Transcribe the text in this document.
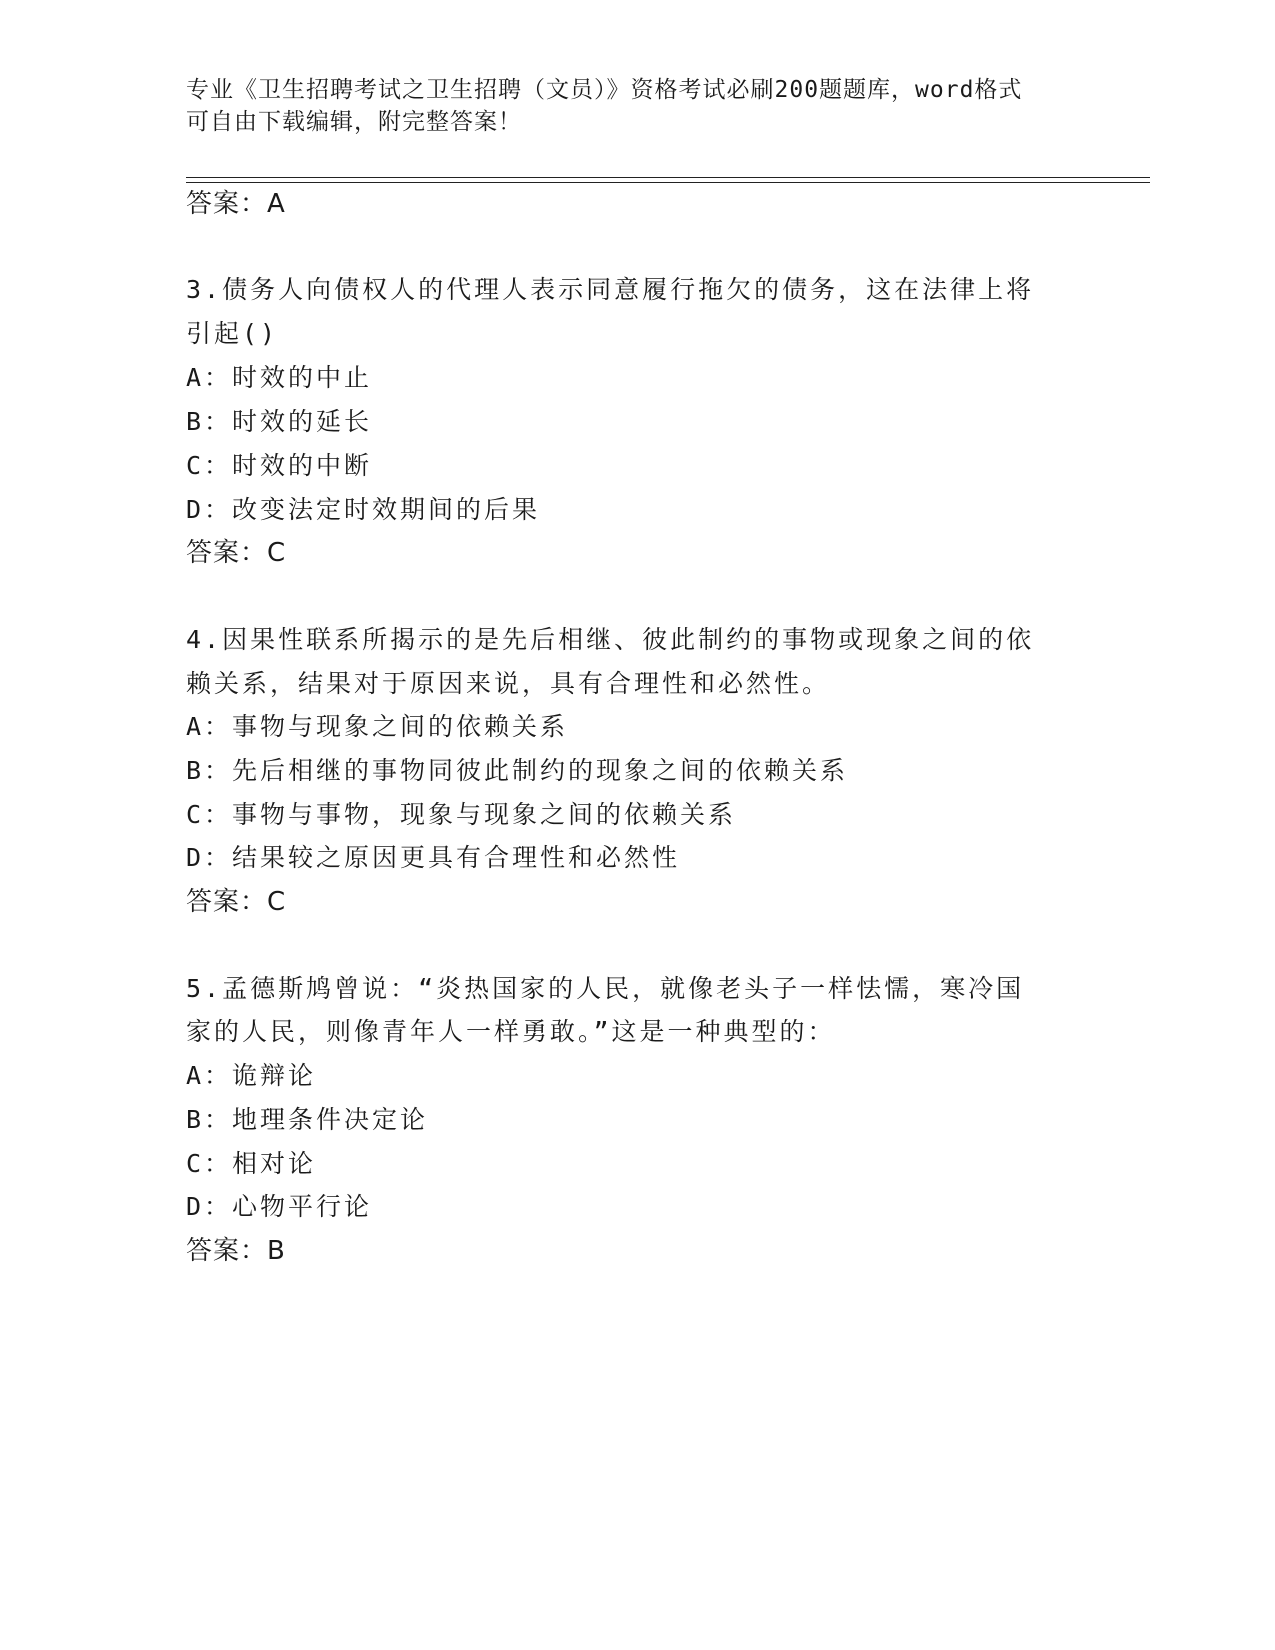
专业《卫生招聘考试之卫生招聘（文员）》资格考试必刷200题题库，word格式
可自由下载编辑，附完整答案！
答案：A
3.债务人向债权人的代理人表示同意履行拖欠的债务，这在法律上将
引起()
A：时效的中止
B：时效的延长
C：时效的中断
D：改变法定时效期间的后果
答案：C
4.因果性联系所揭示的是先后相继、彼此制约的事物或现象之间的依
赖关系，结果对于原因来说，具有合理性和必然性。
A：事物与现象之间的依赖关系
B：先后相继的事物同彼此制约的现象之间的依赖关系
C：事物与事物，现象与现象之间的依赖关系
D：结果较之原因更具有合理性和必然性
答案：C
5.孟德斯鸠曾说：“炎热国家的人民，就像老头子一样怯懦，寒冷国
家的人民，则像青年人一样勇敢。”这是一种典型的：
A：诡辩论
B：地理条件决定论
C：相对论
D：心物平行论
答案：B
